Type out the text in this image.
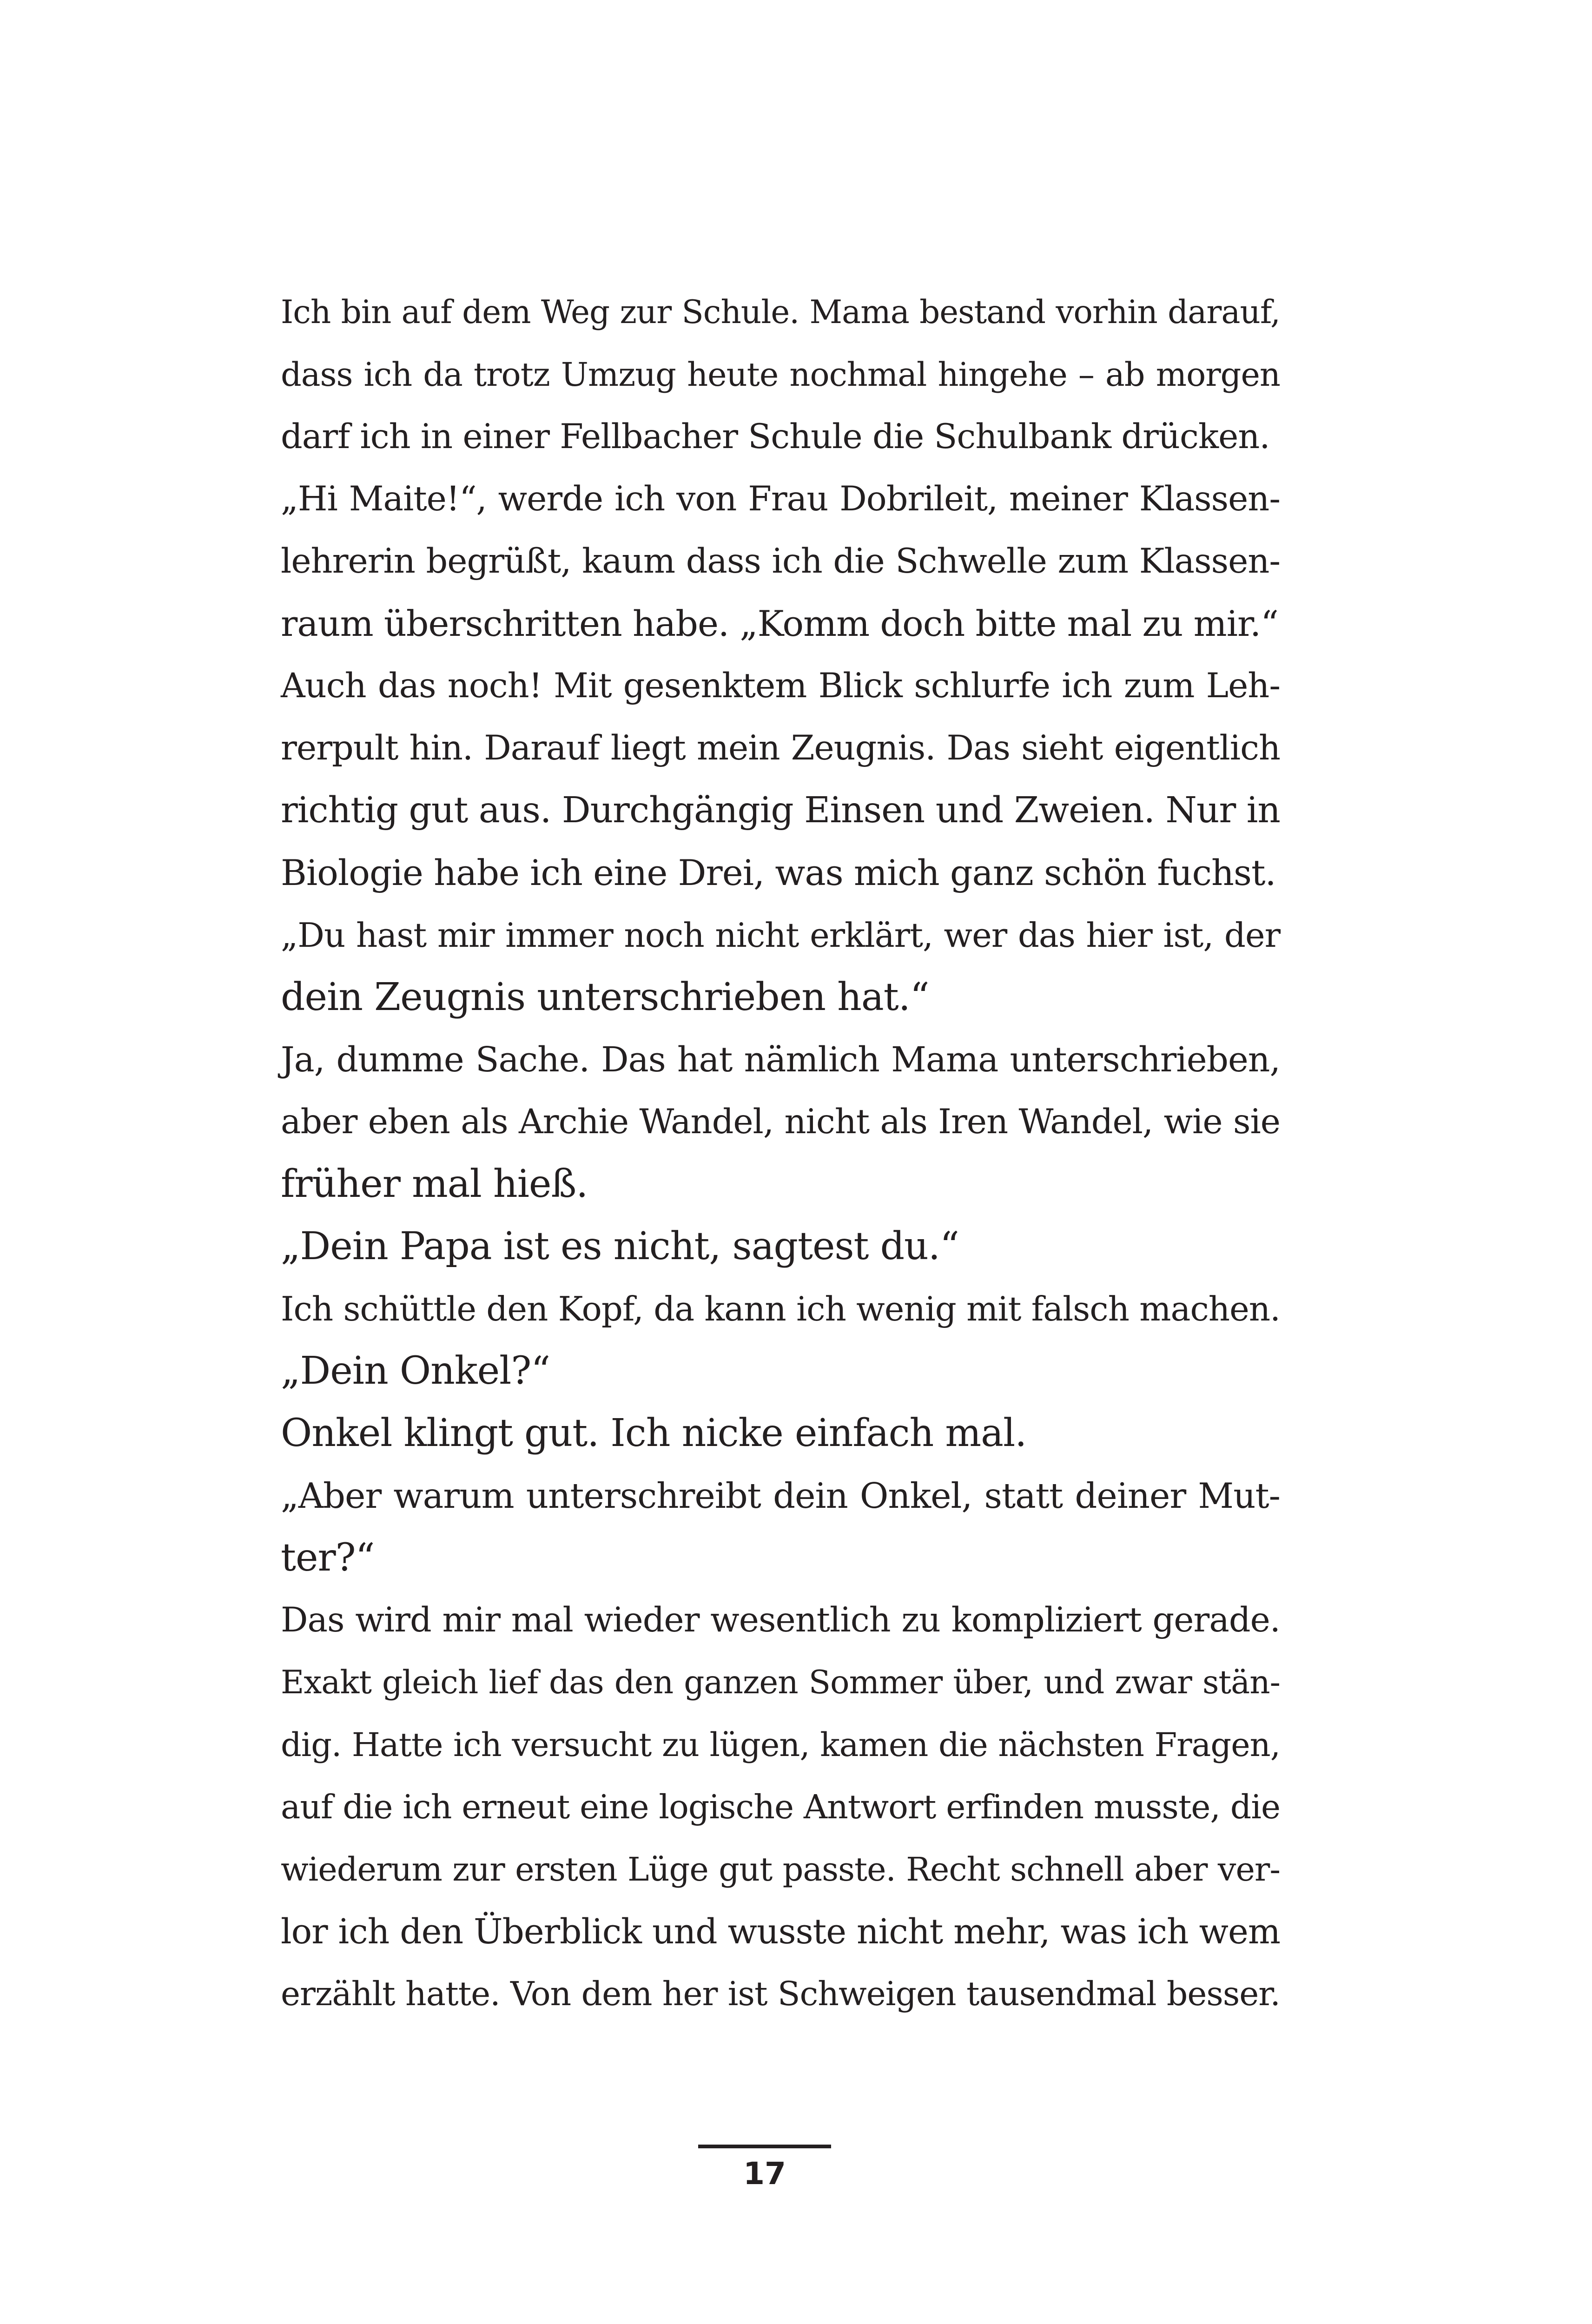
Ich bin auf dem Weg zur Schule. Mama bestand vorhin darauf,
dass ich da trotz Umzug heute nochmal hingehe – ab morgen
darf ich in einer Fellbacher Schule die Schulbank drücken.
„Hi Maite!“, werde ich von Frau Dobrileit, meiner Klassen-
lehrerin begrüßt, kaum dass ich die Schwelle zum Klassen-
raum überschritten habe. „Komm doch bitte mal zu mir.“
Auch das noch! Mit gesenktem Blick schlurfe ich zum Leh-
rerpult hin. Darauf liegt mein Zeugnis. Das sieht eigentlich
richtig gut aus. Durchgängig Einsen und Zweien. Nur in
Biologie habe ich eine Drei, was mich ganz schön fuchst.
„Du hast mir immer noch nicht erklärt, wer das hier ist, der
dein Zeugnis unterschrieben hat.“
Ja, dumme Sache. Das hat nämlich Mama unterschrieben,
aber eben als Archie Wandel, nicht als Iren Wandel, wie sie
früher mal hieß.
„Dein Papa ist es nicht, sagtest du.“
Ich schüttle den Kopf, da kann ich wenig mit falsch machen.
„Dein Onkel?“
Onkel klingt gut. Ich nicke einfach mal.
„Aber warum unterschreibt dein Onkel, statt deiner Mut-
ter?“
Das wird mir mal wieder wesentlich zu kompliziert gerade.
Exakt gleich lief das den ganzen Sommer über, und zwar stän-
dig. Hatte ich versucht zu lügen, kamen die nächsten Fragen,
auf die ich erneut eine logische Antwort erfinden musste, die
wiederum zur ersten Lüge gut passte. Recht schnell aber ver-
lor ich den Überblick und wusste nicht mehr, was ich wem
erzählt hatte. Von dem her ist Schweigen tausendmal besser.
17
